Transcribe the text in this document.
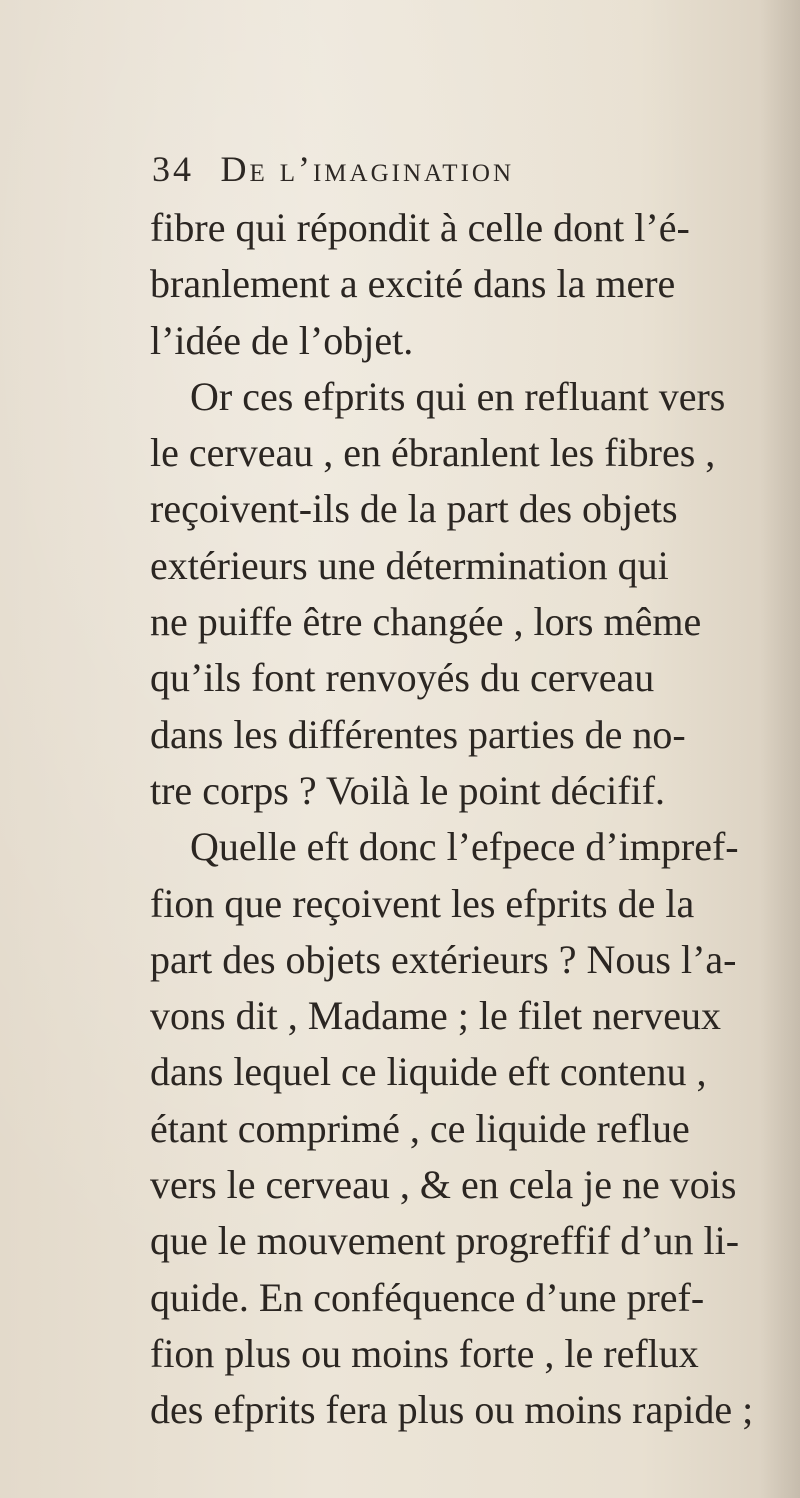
34 De l’imagination
fibre qui répondit à celle dont l’é-
branlement a excité dans la mere
l’idée de l’objet.
Or ces efprits qui en refluant vers
le cerveau , en ébranlent les fibres ,
reçoivent-ils de la part des objets
extérieurs une détermination qui
ne puiffe être changée , lors même
qu’ils font renvoyés du cerveau
dans les différentes parties de no-
tre corps ? Voilà le point décifif.
Quelle eft donc l’efpece d’impref-
fion que reçoivent les efprits de la
part des objets extérieurs ? Nous l’a-
vons dit , Madame ; le filet nerveux
dans lequel ce liquide eft contenu ,
étant comprimé , ce liquide reflue
vers le cerveau , & en cela je ne vois
que le mouvement progreffif d’un li-
quide. En conféquence d’une pref-
fion plus ou moins forte , le reflux
des efprits fera plus ou moins rapide ;
